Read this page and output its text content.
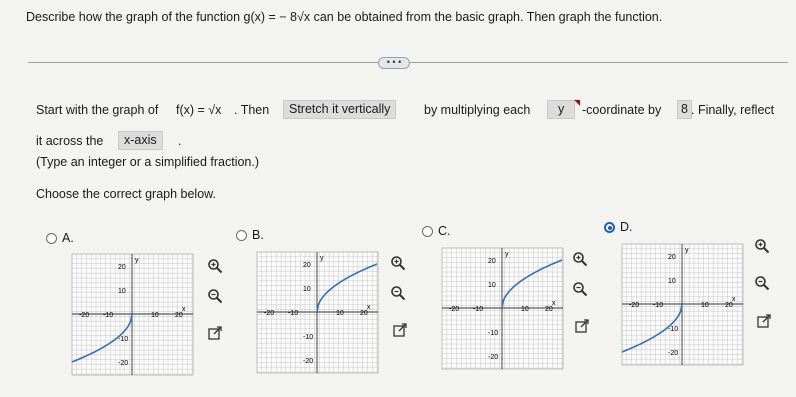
Describe how the graph of the function g(x) = − 8√x can be obtained from the basic graph. Then graph the function.
• • •
Start with the graph of f(x) = √x . Then	Stretch it vertically	by multiplying each	y	◥
-coordinate by	8 . Finally, reflect
it across the	x-axis	.
(Type an integer or a simplified fraction.)
Choose the correct graph below.
A.	B.	C.	D.
y
x
20
10
-10
-20
-20 -10	10 20
y
x
20
10
-10
-20
-20 -10	10 20
y
x
20
10
-10
-20
-20 -10	10 20
y
x
20
10
-10
-20
-20 -10	10 20
